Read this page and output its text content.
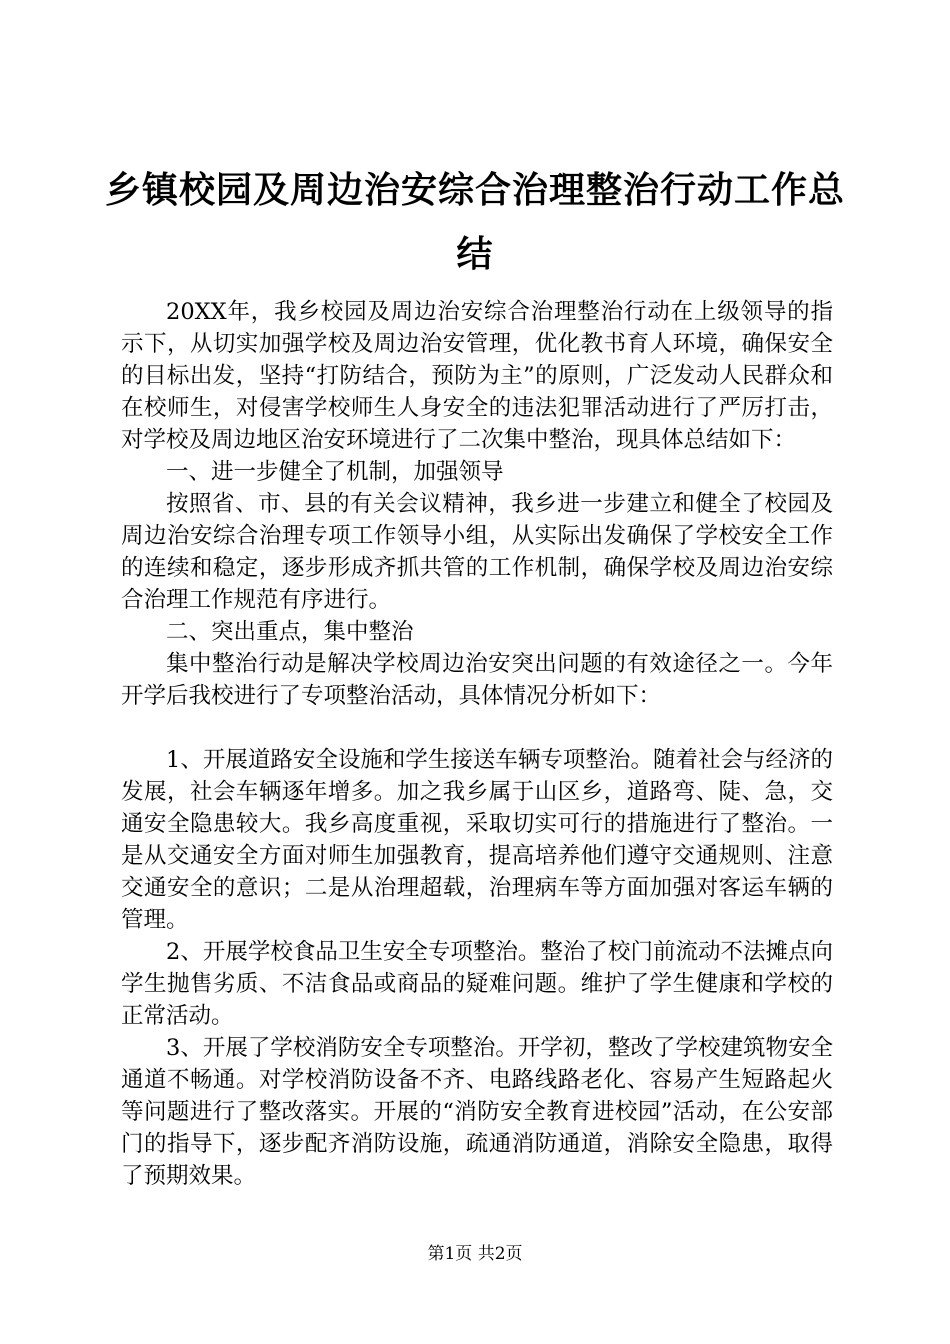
乡镇校园及周边治安综合治理整治行动工作总结

20XX年，我乡校园及周边治安综合治理整治行动在上级领导的指示下，从切实加强学校及周边治安管理，优化教书育人环境，确保安全的目标出发，坚持“打防结合，预防为主”的原则，广泛发动人民群众和在校师生，对侵害学校师生人身安全的违法犯罪活动进行了严厉打击，对学校及周边地区治安环境进行了二次集中整治，现具体总结如下：

一、进一步健全了机制，加强领导

按照省、市、县的有关会议精神，我乡进一步建立和健全了校园及周边治安综合治理专项工作领导小组，从实际出发确保了学校安全工作的连续和稳定，逐步形成齐抓共管的工作机制，确保学校及周边治安综合治理工作规范有序进行。

二、突出重点，集中整治

集中整治行动是解决学校周边治安突出问题的有效途径之一。今年开学后我校进行了专项整治活动，具体情况分析如下：

1、开展道路安全设施和学生接送车辆专项整治。随着社会与经济的发展，社会车辆逐年增多。加之我乡属于山区乡，道路弯、陡、急，交通安全隐患较大。我乡高度重视，采取切实可行的措施进行了整治。一是从交通安全方面对师生加强教育，提高培养他们遵守交通规则、注意交通安全的意识；二是从治理超载，治理病车等方面加强对客运车辆的管理。

2、开展学校食品卫生安全专项整治。整治了校门前流动不法摊点向学生抛售劣质、不洁食品或商品的疑难问题。维护了学生健康和学校的正常活动。

3、开展了学校消防安全专项整治。开学初，整改了学校建筑物安全通道不畅通。对学校消防设备不齐、电路线路老化、容易产生短路起火等问题进行了整改落实。开展的“消防安全教育进校园”活动，在公安部门的指导下，逐步配齐消防设施，疏通消防通道，消除安全隐患，取得了预期效果。

第1页 共2页
